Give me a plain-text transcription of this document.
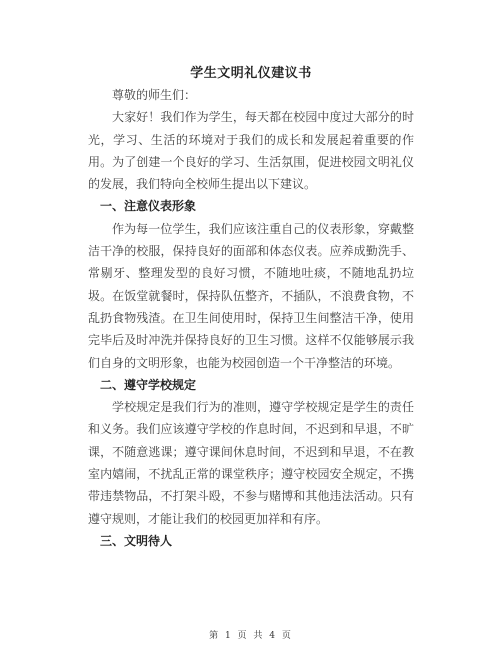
学生文明礼仪建议书

尊敬的师生们：

大家好！我们作为学生，每天都在校园中度过大部分的时光，学习、生活的环境对于我们的成长和发展起着重要的作用。为了创建一个良好的学习、生活氛围，促进校园文明礼仪的发展，我们特向全校师生提出以下建议。

一、注意仪表形象

作为每一位学生，我们应该注重自己的仪表形象，穿戴整洁干净的校服，保持良好的面部和体态仪表。应养成勤洗手、常剔牙、整理发型的良好习惯，不随地吐痰，不随地乱扔垃圾。在饭堂就餐时，保持队伍整齐，不插队，不浪费食物，不乱扔食物残渣。在卫生间使用时，保持卫生间整洁干净，使用完毕后及时冲洗并保持良好的卫生习惯。这样不仅能够展示我们自身的文明形象，也能为校园创造一个干净整洁的环境。

二、遵守学校规定

学校规定是我们行为的准则，遵守学校规定是学生的责任和义务。我们应该遵守学校的作息时间，不迟到和早退，不旷课，不随意逃课；遵守课间休息时间，不迟到和早退，不在教室内嬉闹，不扰乱正常的课堂秩序；遵守校园安全规定，不携带违禁物品，不打架斗殴，不参与赌博和其他违法活动。只有遵守规则，才能让我们的校园更加祥和有序。

三、文明待人
第 1 页 共 4 页
